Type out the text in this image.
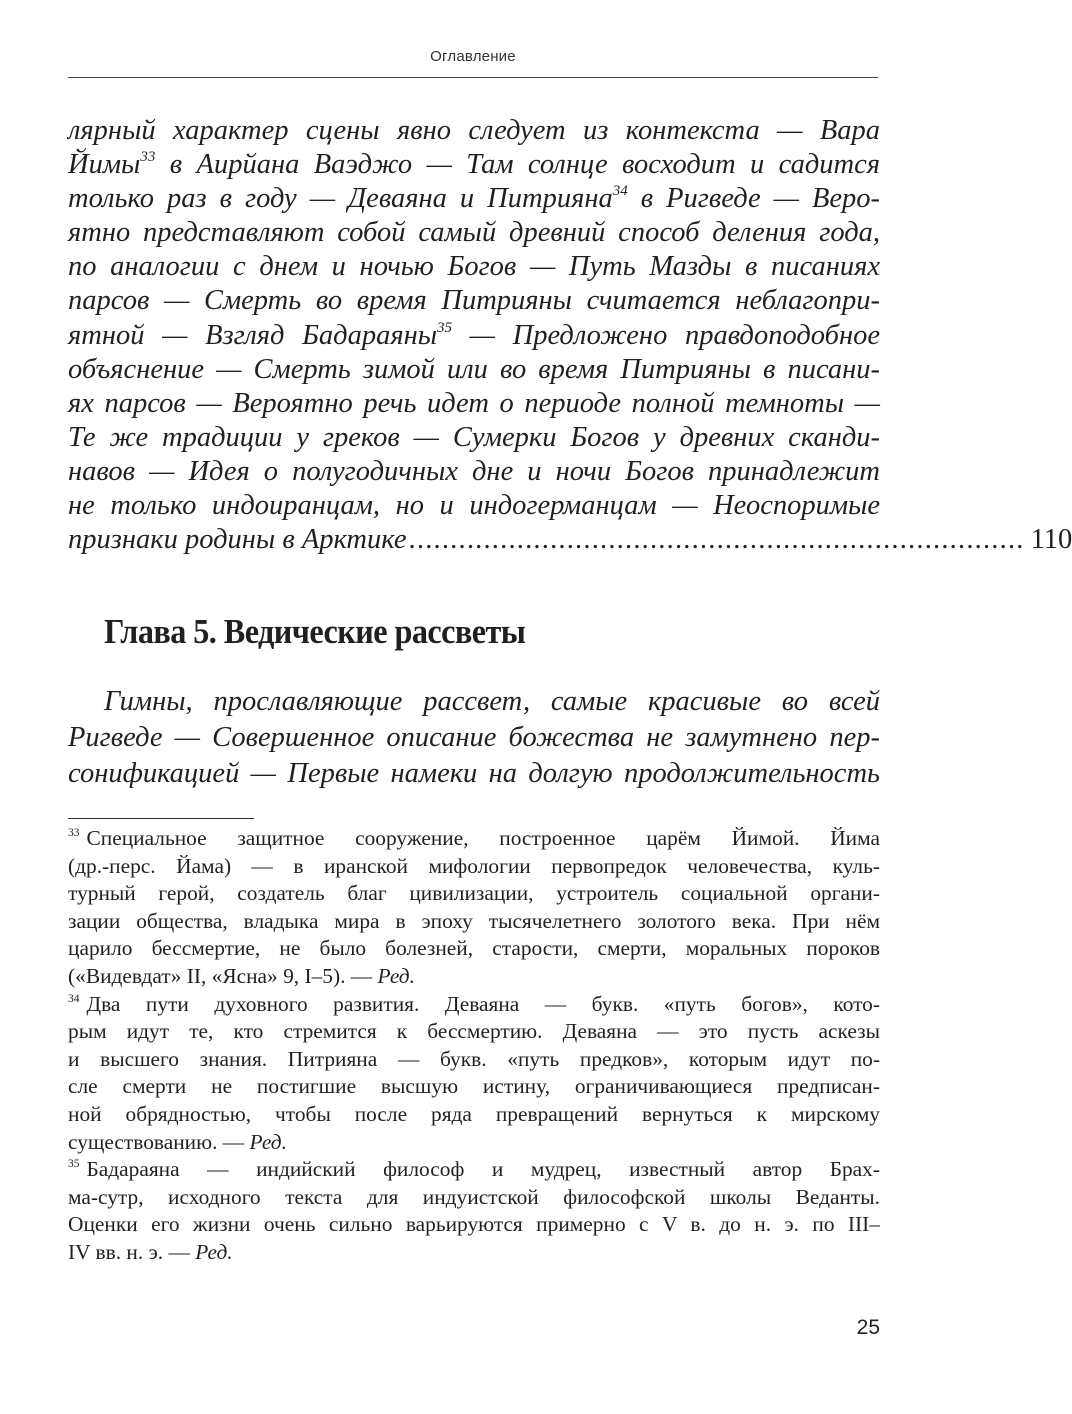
Оглавление
лярный характер сцены явно следует из контекста — Вара
Йимы$^{33}$ в Аирйана Ваэджо — Там солнце восходит и садится
только раз в году — Деваяна и Питрияна$^{34}$ в Ригведе — Веро-
ятно представляют собой самый древний способ деления года,
по аналогии с днем и ночью Богов — Путь Мазды в писаниях
парсов — Смерть во время Питрияны считается неблагопри-
ятной — Взгляд Бадараяны$^{35}$ — Предложено правдоподобное
объяснение — Смерть зимой или во время Питрияны в писани-
ях парсов — Вероятно речь идет о периоде полной темноты —
Те же традиции у греков — Сумерки Богов у древних сканди-
навов — Идея о полугодичных дне и ночи Богов принадлежит
не только индоиранцам, но и индогерманцам — Неоспоримые
признаки родины в Арктике .......................................................................... 110
Глава 5. Ведические рассветы
Гимны, прославляющие рассвет, самые красивые во всей
Ригведе — Совершенное описание божества не замутнено пер-
сонификацией — Первые намеки на долгую продолжительность
$^{33}$ Специальное защитное сооружение, построенное царём Йимой. Йима
(др.-перс. Йама) — в иранской мифологии первопредок человечества, куль-
турный герой, создатель благ цивилизации, устроитель социальной органи-
зации общества, владыка мира в эпоху тысячелетнего золотого века. При нём
царило бессмертие, не было болезней, старости, смерти, моральных пороков
(«Видевдат» II, «Ясна» 9, I–5). — Ред.
$^{34}$ Два пути духовного развития. Деваяна — букв. «путь богов», кото-
рым идут те, кто стремится к бессмертию. Деваяна — это пусть аскезы
и высшего знания. Питрияна — букв. «путь предков», которым идут по-
сле смерти не постигшие высшую истину, ограничивающиеся предписан-
ной обрядностью, чтобы после ряда превращений вернуться к мирскому
существованию. — Ред.
$^{35}$ Бадараяна — индийский философ и мудрец, известный автор Брах-
ма-сутр, исходного текста для индуистской философской школы Веданты.
Оценки его жизни очень сильно варьируются примерно с V в. до н. э. по III–
IV вв. н. э. — Ред.
25
